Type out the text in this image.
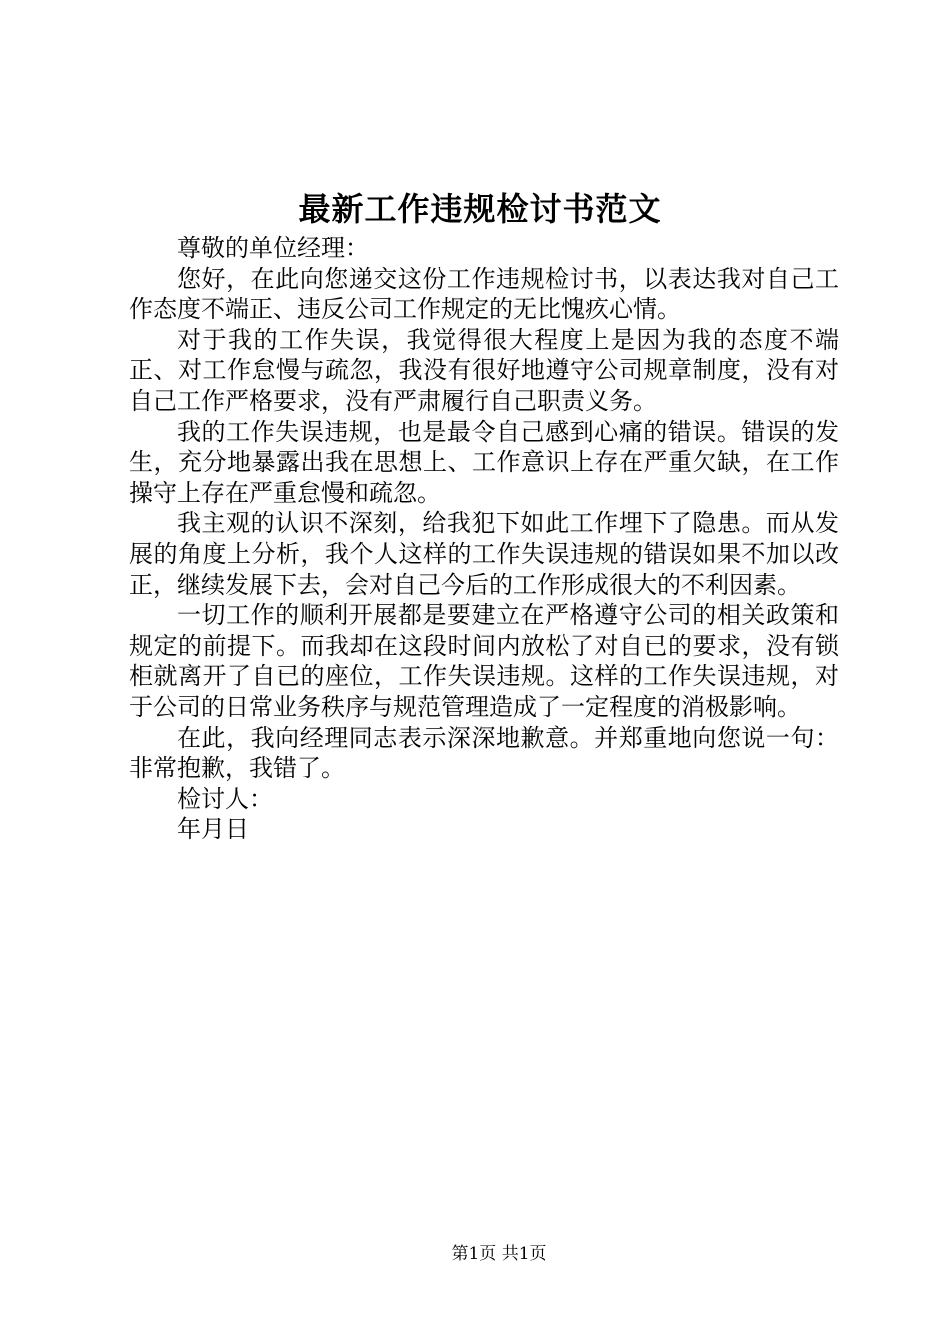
最新工作违规检讨书范文

尊敬的单位经理：

您好，在此向您递交这份工作违规检讨书，以表达我对自己工作态度不端正、违反公司工作规定的无比愧疚心情。

对于我的工作失误，我觉得很大程度上是因为我的态度不端正、对工作怠慢与疏忽，我没有很好地遵守公司规章制度，没有对自己工作严格要求，没有严肃履行自己职责义务。

我的工作失误违规，也是最令自己感到心痛的错误。错误的发生，充分地暴露出我在思想上、工作意识上存在严重欠缺，在工作操守上存在严重怠慢和疏忽。

我主观的认识不深刻，给我犯下如此工作埋下了隐患。而从发展的角度上分析，我个人这样的工作失误违规的错误如果不加以改正，继续发展下去，会对自己今后的工作形成很大的不利因素。

一切工作的顺利开展都是要建立在严格遵守公司的相关政策和规定的前提下。而我却在这段时间内放松了对自已的要求，没有锁柜就离开了自已的座位，工作失误违规。这样的工作失误违规，对于公司的日常业务秩序与规范管理造成了一定程度的消极影响。

在此，我向经理同志表示深深地歉意。并郑重地向您说一句：非常抱歉，我错了。

检讨人：

年月日

第1页 共1页
